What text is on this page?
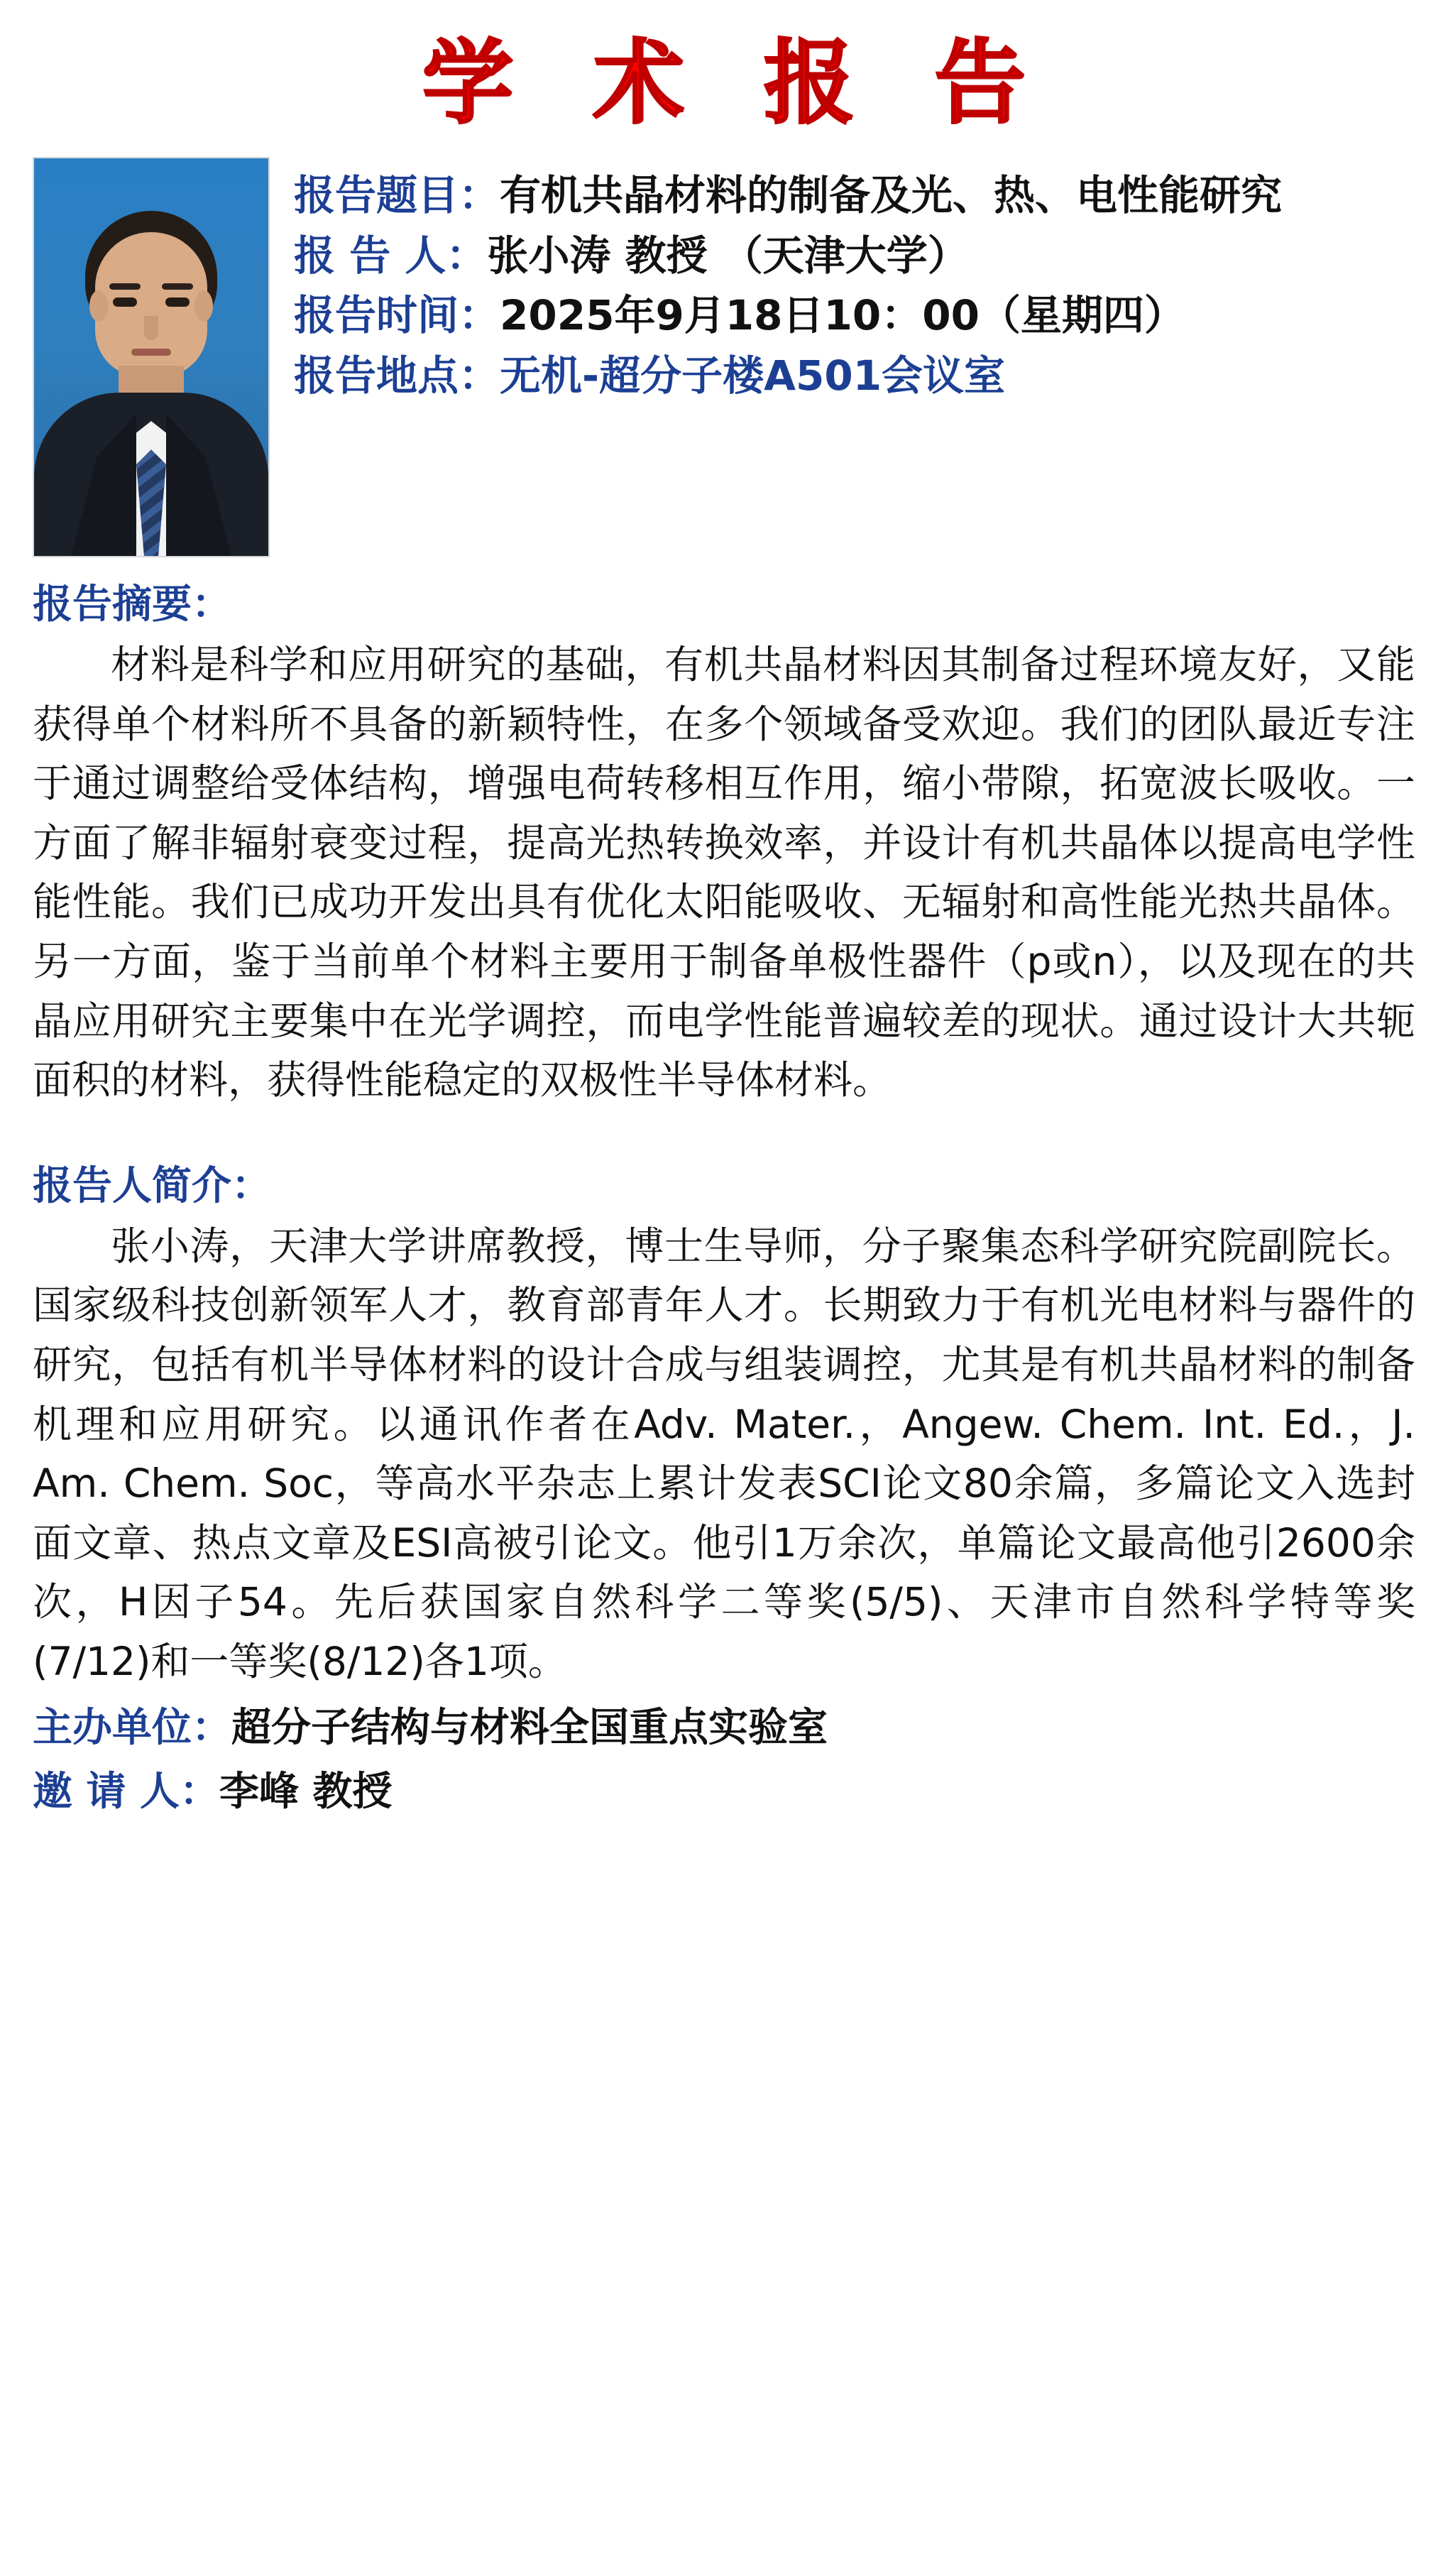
学 术 报 告
报告题目： 有机共晶材料的制备及光、热、电性能研究
报 告 人： 张小涛 教授 （天津大学）
报告时间： 2025年9月18日10：00（星期四）
报告地点： 无机-超分子楼A501会议室
报告摘要：

材料是科学和应用研究的基础，有机共晶材料因其制备过程环境友好，又能获得单个材料所不具备的新颖特性，在多个领域备受欢迎。我们的团队最近专注于通过调整给受体结构，增强电荷转移相互作用，缩小带隙，拓宽波长吸收。一方面了解非辐射衰变过程，提高光热转换效率，并设计有机共晶体以提高电学性能性能。我们已成功开发出具有优化太阳能吸收、无辐射和高性能光热共晶体。另一方面，鉴于当前单个材料主要用于制备单极性器件（p或n），以及现在的共晶应用研究主要集中在光学调控，而电学性能普遍较差的现状。通过设计大共轭面积的材料，获得性能稳定的双极性半导体材料。

报告人简介：

张小涛，天津大学讲席教授，博士生导师，分子聚集态科学研究院副院长。国家级科技创新领军人才，教育部青年人才。长期致力于有机光电材料与器件的研究，包括有机半导体材料的设计合成与组装调控，尤其是有机共晶材料的制备机理和应用研究。以通讯作者在Adv. Mater.，Angew. Chem. Int. Ed.，J. Am. Chem. Soc，等高水平杂志上累计发表SCI论文80余篇，多篇论文入选封面文章、热点文章及ESI高被引论文。他引1万余次，单篇论文最高他引2600余次，H因子54。先后获国家自然科学二等奖(5/5)、天津市自然科学特等奖(7/12)和一等奖(8/12)各1项。

主办单位： 超分子结构与材料全国重点实验室
邀 请 人： 李峰 教授
